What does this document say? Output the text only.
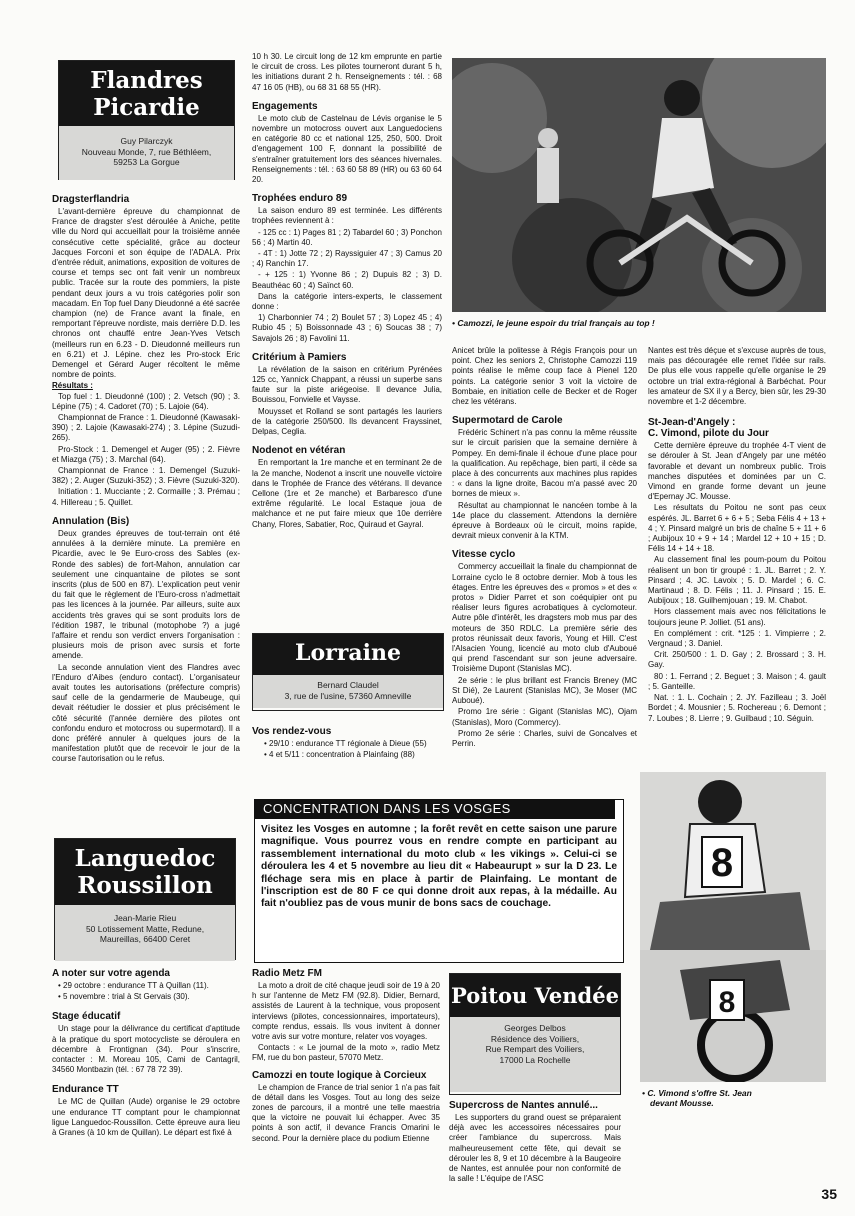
Flandres
Picardie
Guy Pilarczyk
Nouveau Monde, 7, rue Béthléem,
59253 La Gorgue
Dragsterflandria

L'avant-dernière épreuve du championnat de France de dragster s'est déroulée à Aniche, petite ville du Nord qui accueillait pour la troisième année consécutive cette spécialité, grâce au docteur Jacques Forconi et son équipe de l'ADALA. Prix d'entrée réduit, animations, exposition de voitures de course et temps sec ont fait venir un nombreux public. Tracée sur la route des pommiers, la piste pendant deux jours a vu trois catégories polir son macadam. En Top fuel Dany Dieudonné a été sacrée champion (ne) de France avant la finale, en remportant l'épreuve nordiste, mais derrière D.D. les chronos ont chauffé entre Jean-Yves Vetsch (meilleurs run en 6.23 - D. Dieudonné meilleurs run en 6.21) et J. Lépine. chez les Pro-stock Eric Demengel et Gérard Auger récoltent le même nombre de points.

Résultats :

Top fuel : 1. Dieudonné (100) ; 2. Vetsch (90) ; 3. Lépine (75) ; 4. Cadoret (70) ; 5. Lajoie (64).

Championnat de France : 1. Dieudonné (Kawasaki-390) ; 2. Lajoie (Kawasaki-274) ; 3. Lépine (Suzudi-265).

Pro-Stock : 1. Demengel et Auger (95) ; 2. Fièvre et Miazga (75) ; 3. Marchal (64).

Championnat de France : 1. Demengel (Suzuki-382) ; 2. Auger (Suzuki-352) ; 3. Fièvre (Suzuki-320).

Initiation : 1. Mucciante ; 2. Cormaille ; 3. Prémau ; 4. Hillereau ; 5. Quillet.

Annulation (Bis)

Deux grandes épreuves de tout-terrain ont été annulées à la dernière minute. La première en Picardie, avec le 9e Euro-cross des Sables (ex-Ronde des sables) de fort-Mahon, annulation car seulement une cinquantaine de pilotes se sont inscrits (plus de 500 en 87). L'explication peut venir du fait que le règlement de l'Euro-cross n'admettait pas les licences à la journée. Par ailleurs, suite aux accidents très graves qui se sont produits lors de l'édition 1987, le tribunal (motophobe ?) a jugé l'affaire et rendu son verdict envers l'organisation : plusieurs mois de prison avec sursis et forte amende.

La seconde annulation vient des Flandres avec l'Enduro d'Aibes (enduro contact). L'organisateur avait toutes les autorisations (préfecture compris) sauf celle de la gendarmerie de Maubeuge, qui devait réétudier le dossier et plus précisément le côté sécurité (l'année dernière des pilotes ont confondu enduro et motocross ou supermotard). Il a donc préféré annuler à quelques jours de la manifestation plutôt que de recevoir le jour de la course l'autorisation ou le refus.

Languedoc
Roussillon
Jean-Marie Rieu
50 Lotissement Matte, Redune,
Maureillas, 66400 Ceret
A noter sur votre agenda

• 29 octobre : endurance TT à Quillan (11).

• 5 novembre : trial à St Gervais (30).

Stage éducatif

Un stage pour la délivrance du certificat d'aptitude à la pratique du sport motocycliste se déroulera en décembre à Frontignan (34). Pour s'inscrire, contacter : M. Moreau 105, Cami de Cantagril, 34560 Montbazin (tél. : 67 78 72 39).

Endurance TT

Le MC de Quillan (Aude) organise le 29 octobre une endurance TT comptant pour le championnat ligue Languedoc-Roussillon. Cette épreuve aura lieu à Granes (à 10 km de Quillan). Le départ est fixé à

10 h 30. Le circuit long de 12 km emprunte en partie le circuit de cross. Les pilotes tourneront durant 5 h, les initiations durant 2 h. Renseignements : tél. : 68 47 16 05 (HB), ou 68 31 68 55 (HR).

Engagements

Le moto club de Castelnau de Lévis organise le 5 novembre un motocross ouvert aux Languedociens en catégorie 80 cc et national 125, 250, 500. Droit d'engagement 100 F, donnant la possibilité de s'entraîner gratuitement lors des séances hivernales. Renseignements : tél. : 63 60 58 89 (HR) ou 63 60 64 20.

Trophées enduro 89

La saison enduro 89 est terminée. Les différents trophées reviennent à :

- 125 cc : 1) Pages 81 ; 2) Tabardel 60 ; 3) Ponchon 56 ; 4) Martin 40.

- 4T : 1) Jotte 72 ; 2) Rayssiguier 47 ; 3) Camus 20 ; 4) Ranchin 17.

- + 125 : 1) Yvonne 86 ; 2) Dupuis 82 ; 3) D. Beauthéac 60 ; 4) Saïnct 60.

Dans la catégorie inters-experts, le classement donne :

1) Charbonnier 74 ; 2) Boulet 57 ; 3) Lopez 45 ; 4) Rubio 45 ; 5) Boissonnade 43 ; 6) Soucas 38 ; 7) Savajols 26 ; 8) Favolini 11.

Critérium à Pamiers

La révélation de la saison en critérium Pyrénées 125 cc, Yannick Chappant, a réussi un superbe sans faute sur la piste ariégeoise. Il devance Julia, Bouissou, Fonvielle et Vaysse.

Mouysset et Rolland se sont partagés les lauriers de la catégorie 250/500. Ils devancent Frayssinet, Delpas, Ceglia.

Nodenot en vétéran

En remportant la 1re manche et en terminant 2e de la 2e manche, Nodenot a inscrit une nouvelle victoire dans le Trophée de France des vétérans. Il devance Cellone (1re et 2e manche) et Barbaresco d'une extrême régularité. Le local Estaque joua de malchance et ne put faire mieux que 10e derrière Chany, Flores, Sabatier, Roc, Quiraud et Gayral.

Lorraine
Bernard Claudel
3, rue de l'usine, 57360 Amneville
Vos rendez-vous

• 29/10 : endurance TT régionale à Dieue (55)

• 4 et 5/11 : concentration à Plainfaing (88)

Radio Metz FM

La moto a droit de cité chaque jeudi soir de 19 à 20 h sur l'antenne de Metz FM (92.8). Didier, Bernard, assistés de Laurent à la technique, vous proposent interviews (pilotes, concessionnaires, importateurs), compte rendus, essais. Ils vous invitent à donner votre avis sur votre monture, relater vos voyages.

Contacts : « Le journal de la moto », radio Metz FM, rue du bon pasteur, 57070 Metz.

Camozzi en toute logique à Corcieux

Le champion de France de trial senior 1 n'a pas fait de détail dans les Vosges. Tout au long des seize zones de parcours, il a montré une telle maestria que la victoire ne pouvait lui échapper. Avec 35 points à son actif, il devance Francis Omarini le second. Pour la dernière place du podium Etienne

CONCENTRATION DANS LES VOSGES
Visitez les Vosges en automne ; la forêt revêt en cette saison une parure magnifique. Vous pourrez vous en rendre compte en participant au rassemblement international du moto club « les vikings ». Celui-ci se déroulera les 4 et 5 novembre au lieu dit « Habeaurupt » sur la D 23. Le fléchage sera mis en place à partir de Plainfaing. Le montant de l'inscription est de 80 F ce qui donne droit aux repas, à la médaille. Au fait n'oubliez pas de vous munir de bons sacs de couchage.
• Camozzi, le jeune espoir du trial français au top !

Anicet brûle la politesse à Régis François pour un point. Chez les seniors 2, Christophe Camozzi 119 points réalise le même coup face à Pienel 120 points. La catégorie senior 3 voit la victoire de Bombaie, en initiation celle de Becker et de Roger chez les vétérans.

Supermotard de Carole

Frédéric Schinert n'a pas connu la même réussite sur le circuit parisien que la semaine dernière à Pompey. En demi-finale il échoue d'une place pour la qualification. Au repêchage, bien parti, il cède sa place à des concurrents aux machines plus rapides : « dans la ligne droite, Bacou m'a passé avec 20 bornes de mieux ».

Résultat au championnat le nancéen tombe à la 14e place du classement. Attendons la dernière épreuve à Bordeaux où le circuit, moins rapide, devrait mieux convenir à la KTM.

Vitesse cyclo

Commercy accueillait la finale du championnat de Lorraine cyclo le 8 octobre dernier. Mob à tous les étages. Entre les épreuves des « promos » et des « protos » Didier Parret et son coéquipier ont pu réaliser leurs figures acrobatiques à cyclomoteur. Autre pôle d'intérêt, les dragsters mob mus par des moteurs de 350 RDLC. La première série des protos réunissait deux favoris, Young et Hill. C'est l'Alsacien Young, licencié au moto club d'Auboué qui prend l'ascendant sur son jeune adversaire. Troisième Dupont (Stanislas MC).

2e série : le plus brillant est Francis Breney (MC St Dié), 2e Laurent (Stanislas MC), 3e Moser (MC Auboué).

Promo 1re série : Gigant (Stanislas MC), Ojam (Stanislas), Moro (Commercy).

Promo 2e série : Charles, suivi de Goncalves et Perrin.

Poitou Vendée
Georges Delbos
Résidence des Voiliers,
Rue Rempart des Voiliers,
17000 La Rochelle
Supercross de Nantes annulé...

Les supporters du grand ouest se préparaient déjà avec les accessoires nécessaires pour créer l'ambiance du supercross. Mais malheureusement cette fête, qui devait se dérouler les 8, 9 et 10 décembre à la Baugeoire de Nantes, est annulée pour non conformité de la salle ! L'équipe de l'ASC

Nantes est très déçue et s'excuse auprès de tous, mais pas découragée elle remet l'idée sur rails. De plus elle vous rappelle qu'elle organise le 29 octobre un trial extra-régional à Barbéchat. Pour les amateur de SX il y a Bercy, bien sûr, les 29-30 novembre et 1-2 décembre.

St-Jean-d'Angely :
C. Vimond, pilote du Jour

Cette dernière épreuve du trophée 4-T vient de se dérouler à St. Jean d'Angely par une météo favorable et devant un nombreux public. Trois manches disputées et dominées par un C. Vimond en grande forme devant un jeune d'Epernay JC. Mousse.

Les résultats du Poitou ne sont pas ceux espérés. JL. Barret 6 + 6 + 5 ; Seba Félis 4 + 13 + 4 ; Y. Pinsard malgré un bris de chaîne 5 + 11 + 6 ; Aubijoux 10 + 9 + 14 ; Mardel 12 + 10 + 15 ; D. Félis 14 + 14 + 18.

Au classement final les poum-poum du Poitou réalisent un bon tir groupé : 1. JL. Barret ; 2. Y. Pinsard ; 4. JC. Lavoix ; 5. D. Mardel ; 6. C. Martinaud ; 8. D. Félis ; 11. J. Pinsard ; 15. E. Aubijoux ; 18. Guilhemjouan ; 19. M. Chabot.

Hors classement mais avec nos félicitations le toujours jeune P. Jolliet. (51 ans).

En complément : crit. *125 : 1. Vimpierre ; 2. Vergnaud ; 3. Daniel.

Crit. 250/500 : 1. D. Gay ; 2. Brossard ; 3. H. Gay.

80 : 1. Ferrand ; 2. Beguet ; 3. Maison ; 4. gault ; 5. Ganteille.

Nat. : 1. L. Cochain ; 2. JY. Fazilleau ; 3. Joël Bordet ; 4. Mousnier ; 5. Rochereau ; 6. Demont ; 7. Loubes ; 8. Lierre ; 9. Guilbaud ; 10. Séguin.

8
8
• C. Vimond s'offre St. Jean
devant Mousse.
35
